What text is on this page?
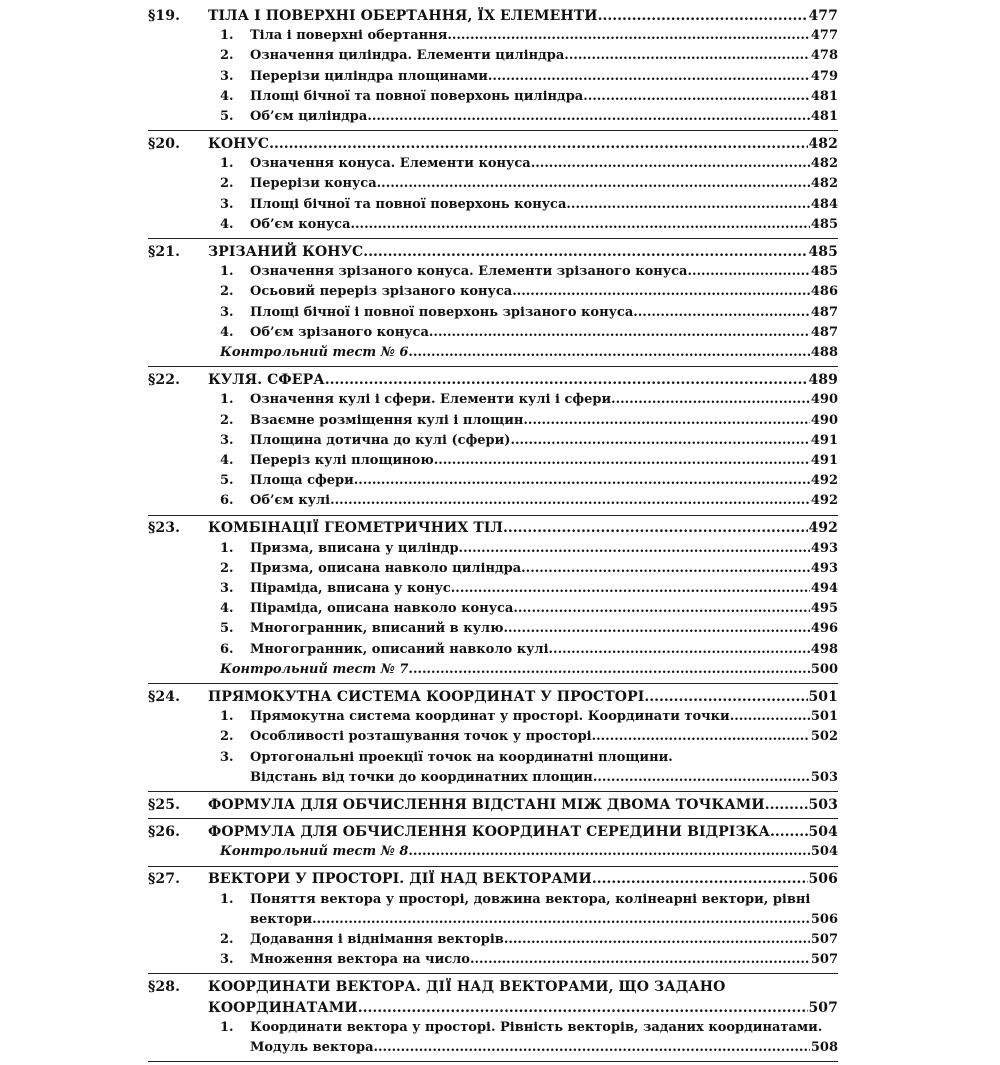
§19.	ТІЛА І ПОВЕРХНІ ОБЕРТАННЯ, ЇХ ЕЛЕМЕНТИ .....	477
1.	Тіла і поверхні обертання .....	477
2.	Означення циліндра. Елементи циліндра .....	478
3.	Перерізи циліндра площинами .....	479
4.	Площі бічної та повної поверхонь циліндра .....	481
5.	Об’єм циліндра .....	481
§20.	КОНУС .....	482
1.	Означення конуса. Елементи конуса .....	482
2.	Перерізи конуса .....	482
3.	Площі бічної та повної поверхонь конуса .....	484
4.	Об’єм конуса .....	485
§21.	ЗРІЗАНИЙ КОНУС .....	485
1.	Означення зрізаного конуса. Елементи зрізаного конуса .....	485
2.	Осьовий переріз зрізаного конуса .....	486
3.	Площі бічної і повної поверхонь зрізаного конуса .....	487
4.	Об’єм зрізаного конуса .....	487
Контрольний тест № 6 .....	488
§22.	КУЛЯ. СФЕРА .....	489
1.	Означення кулі і сфери. Елементи кулі і сфери .....	490
2.	Взаємне розміщення кулі і площин .....	490
3.	Площина дотична до кулі (сфери) .....	491
4.	Переріз кулі площиною .....	491
5.	Площа сфери .....	492
6.	Об’єм кулі .....	492
§23.	КОМБІНАЦІЇ ГЕОМЕТРИЧНИХ ТІЛ .....	492
1.	Призма, вписана у циліндр .....	493
2.	Призма, описана навколо циліндра .....	493
3.	Піраміда, вписана у конус .....	494
4.	Піраміда, описана навколо конуса .....	495
5.	Многогранник, вписаний в кулю .....	496
6.	Многогранник, описаний навколо кулі .....	498
Контрольний тест № 7 .....	500
§24.	ПРЯМОКУТНА СИСТЕМА КООРДИНАТ У ПРОСТОРІ .....	501
1.	Прямокутна система координат у просторі. Координати точки .....	501
2.	Особливості розташування точок у просторі .....	502
3.	Ортогональні проекції точок на координатні площини.
Відстань від точки до координатних площин .....	503
§25.	ФОРМУЛА ДЛЯ ОБЧИСЛЕННЯ ВІДСТАНІ МІЖ ДВОМА ТОЧКАМИ .....	503
§26.	ФОРМУЛА ДЛЯ ОБЧИСЛЕННЯ КООРДИНАТ СЕРЕДИНИ ВІДРІЗКА .....	504
Контрольний тест № 8 .....	504
§27.	ВЕКТОРИ У ПРОСТОРІ. ДІЇ НАД ВЕКТОРАМИ .....	506
1.	Поняття вектора у просторі, довжина вектора, колінеарні вектори, рівні
вектори .....	506
2.	Додавання і віднімання векторів .....	507
3.	Множення вектора на число .....	507
§28.	КООРДИНАТИ ВЕКТОРА. ДІЇ НАД ВЕКТОРАМИ, ЩО ЗАДАНО
КООРДИНАТАМИ .....	507
1.	Координати вектора у просторі. Рівність векторів, заданих координатами.
Модуль вектора .....	508
